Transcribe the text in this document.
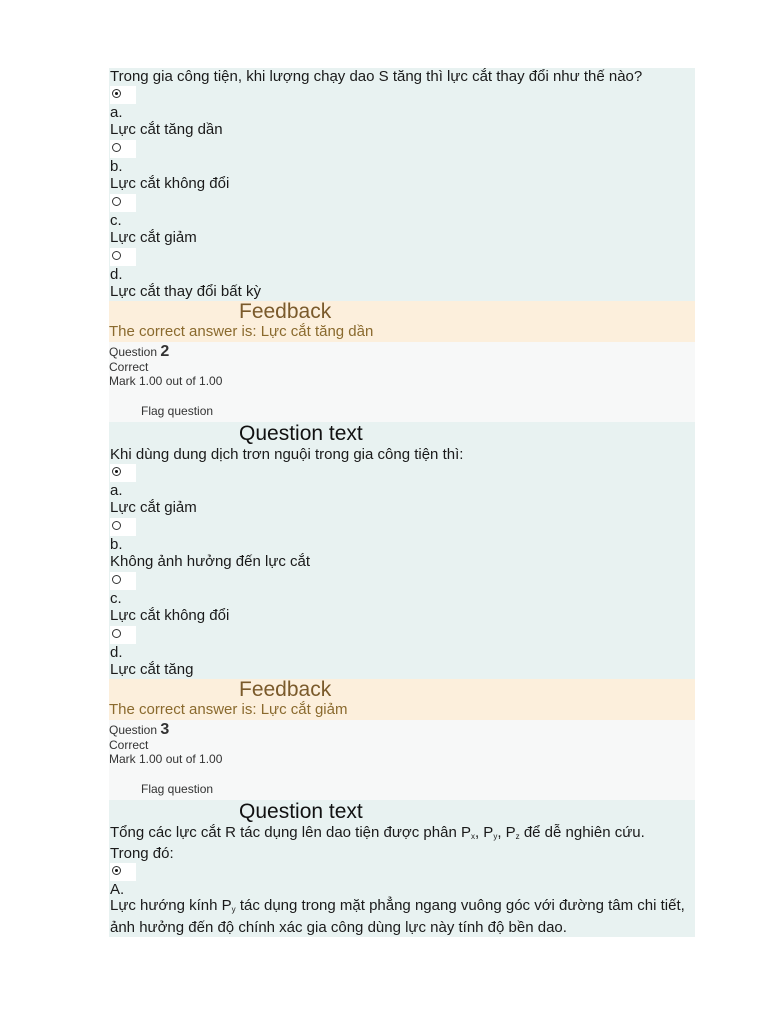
Trong gia công tiện, khi lượng chạy dao S tăng thì lực cắt thay đổi như thế nào?
a.
Lực cắt tăng dần
b.
Lực cắt không đổi
c.
Lực cắt giảm
d.
Lực cắt thay đổi bất kỳ
Feedback
The correct answer is: Lực cắt tăng dần
Question 2
Correct
Mark 1.00 out of 1.00
Flag question
Question text
Khi dùng dung dịch trơn nguội trong gia công tiện thì:
a.
Lực cắt giảm
b.
Không ảnh hưởng đến lực cắt
c.
Lực cắt không đổi
d.
Lực cắt tăng
Feedback
The correct answer is: Lực cắt giảm
Question 3
Correct
Mark 1.00 out of 1.00
Flag question
Question text
Tổng các lực cắt R tác dụng lên dao tiện được phân $P_x$, $P_y$, $P_z$ để dễ nghiên cứu.
Trong đó:
A.
Lực hướng kính $P_y$ tác dụng trong mặt phẳng ngang vuông góc với đường tâm chi tiết, ảnh hưởng đến độ chính xác gia công dùng lực này tính độ bền dao.
